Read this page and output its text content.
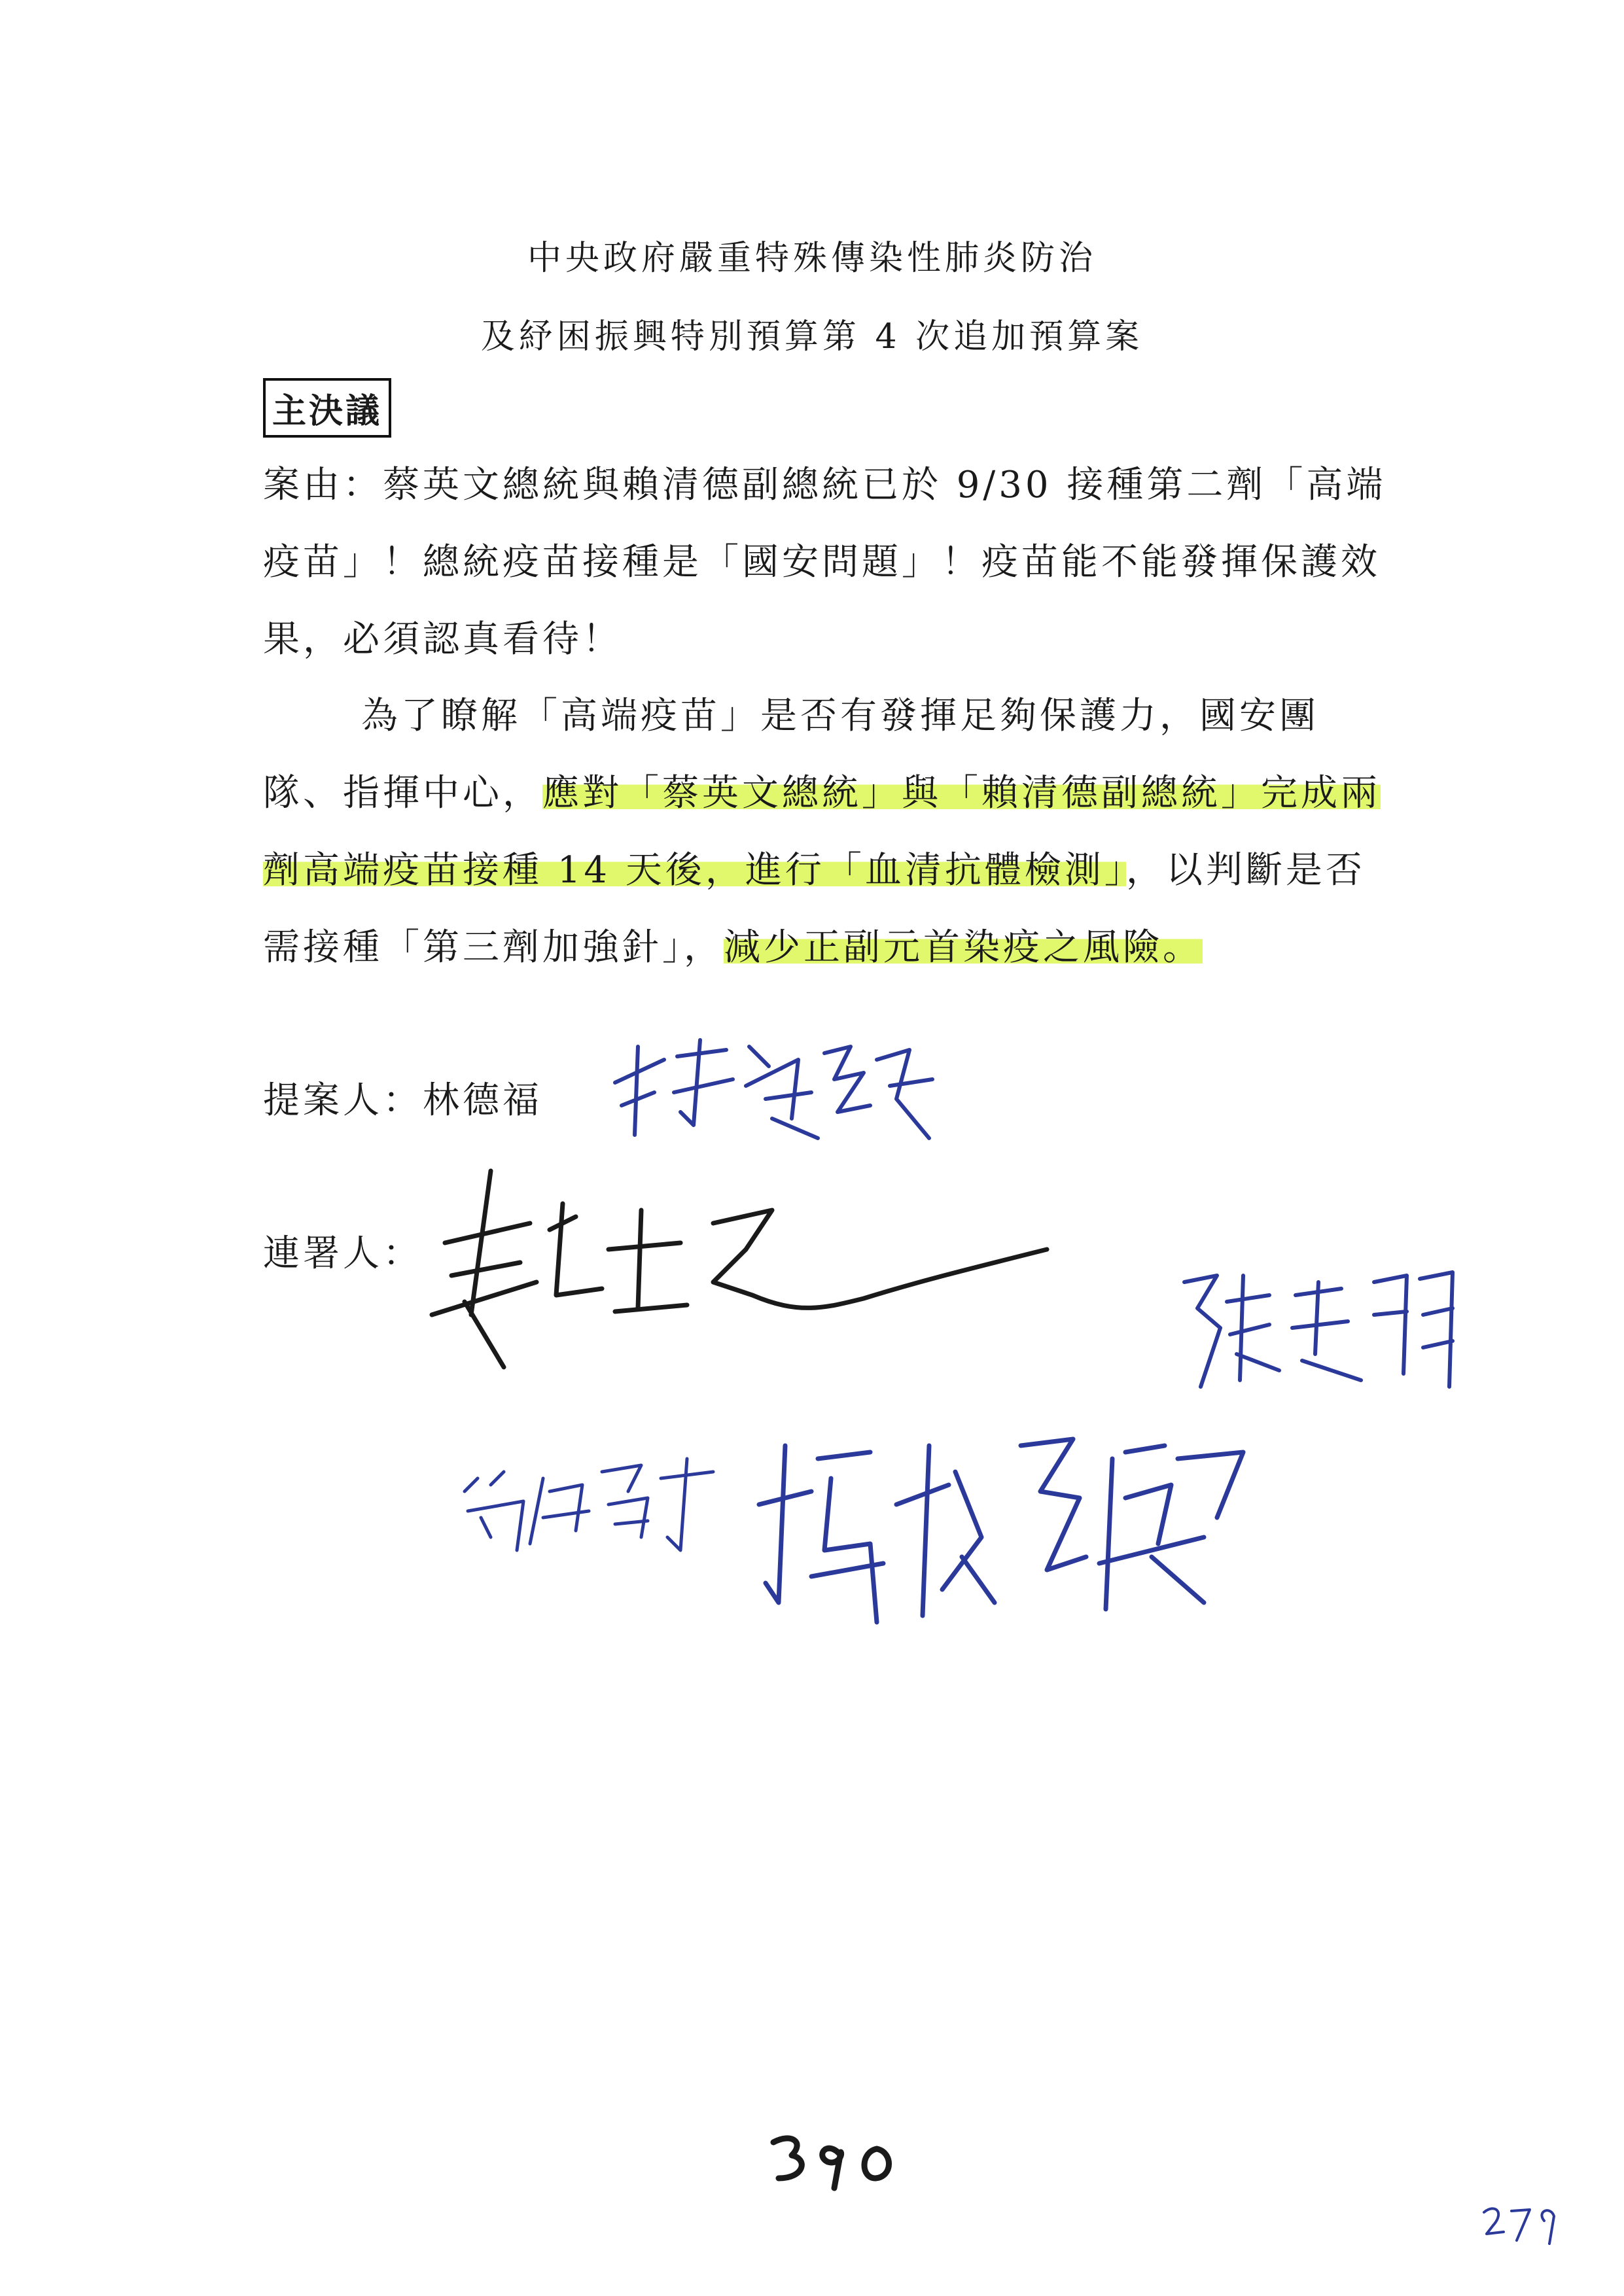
中央政府嚴重特殊傳染性肺炎防治
及紓困振興特別預算第 4 次追加預算案
主決議
案由：蔡英文總統與賴清德副總統已於 9/30 接種第二劑「高端疫苗」！總統疫苗接種是「國安問題」！疫苗能不能發揮保護效果，必須認真看待！
為了瞭解「高端疫苗」是否有發揮足夠保護力，國安團隊、指揮中心，應對「蔡英文總統」與「賴清德副總統」完成兩劑高端疫苗接種 14 天後，進行「血清抗體檢測」，以判斷是否需接種「第三劑加強針」，減少正副元首染疫之風險。
提案人：林德福
連署人：
